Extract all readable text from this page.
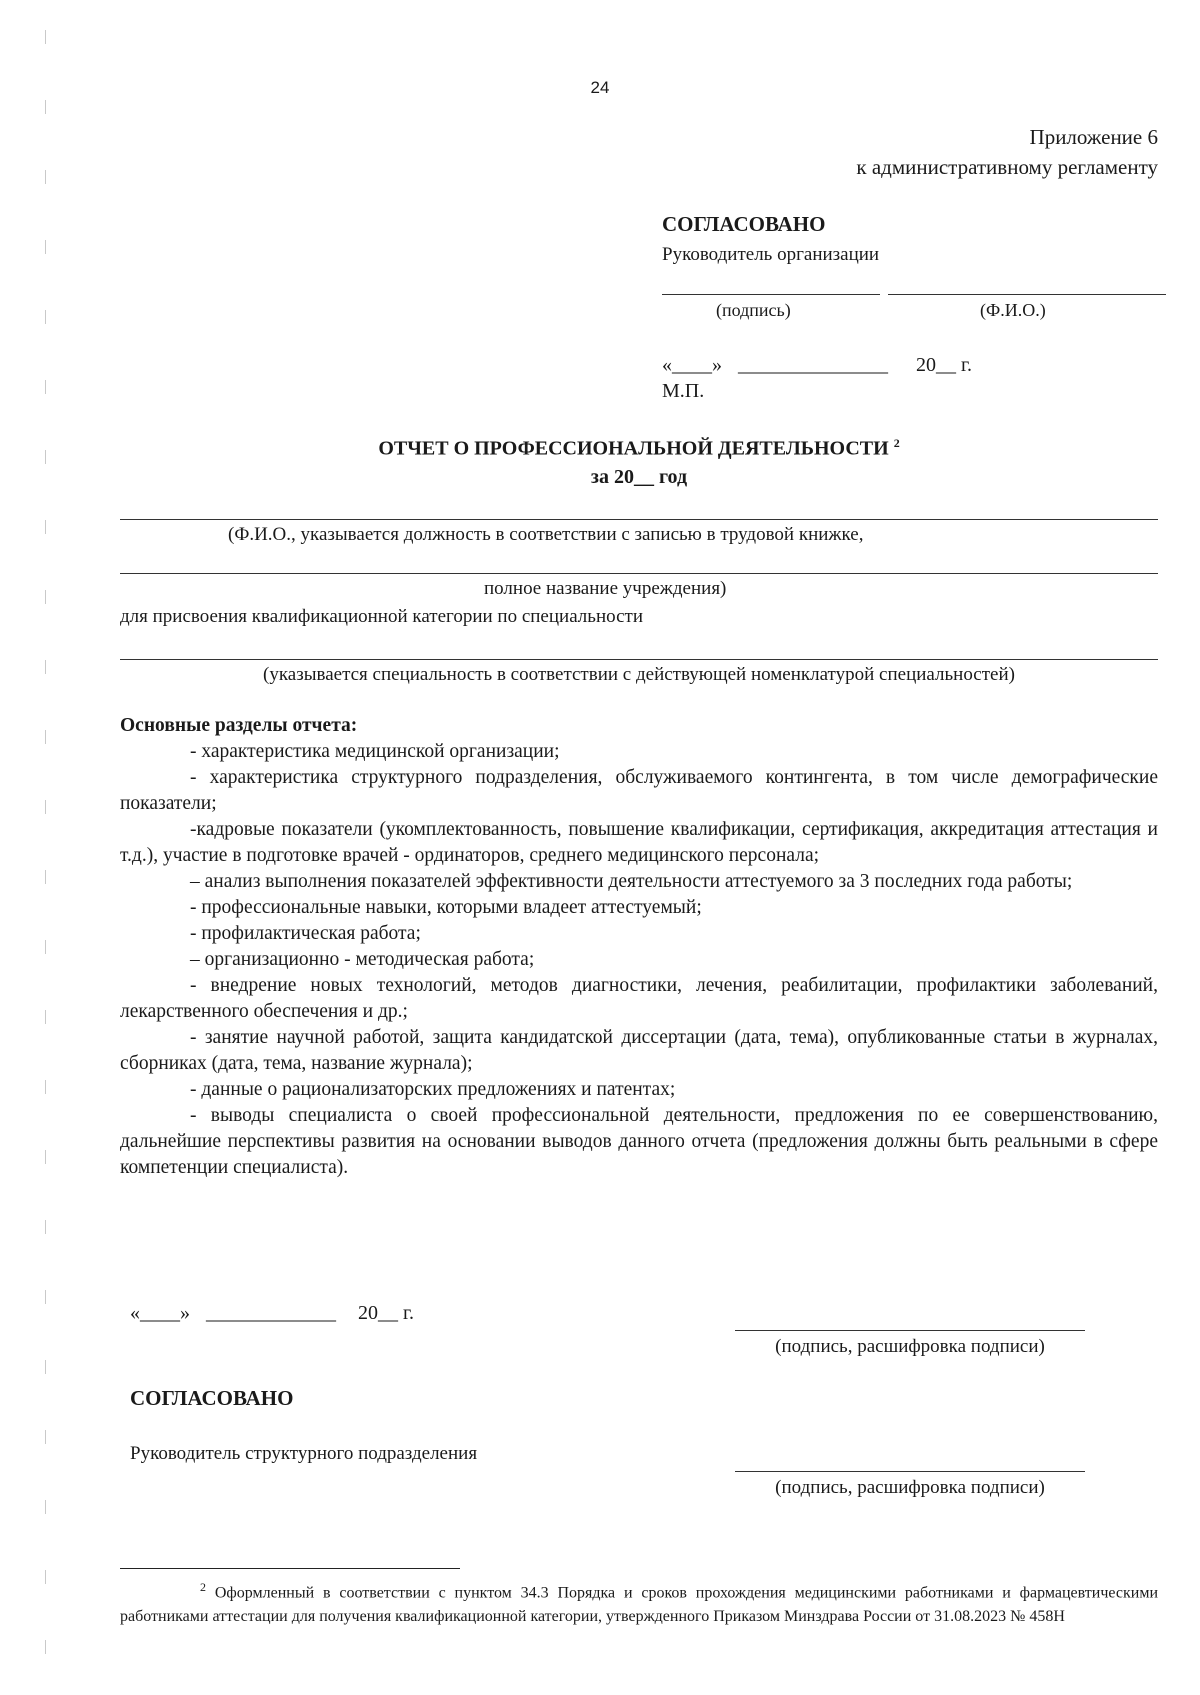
24
Приложение 6
к административному регламенту
СОГЛАСОВАНО
Руководитель организации
(подпись)	(Ф.И.О.)
«____» _______________ 20__ г.
М.П.
ОТЧЕТ О ПРОФЕССИОНАЛЬНОЙ ДЕЯТЕЛЬНОСТИ $^2$
за 20__ год
(Ф.И.О., указывается должность в соответствии с записью в трудовой книжке,
полное название учреждения)
для присвоения квалификационной категории по специальности
(указывается специальность в соответствии с действующей номенклатурой специальностей)
Основные разделы отчета:

- характеристика медицинской организации;

- характеристика структурного подразделения, обслуживаемого контингента, в том числе демографические показатели;

-кадровые показатели (укомплектованность, повышение квалификации, сертификация, аккредитация аттестация и т.д.), участие в подготовке врачей - ординаторов, среднего медицинского персонала;

– анализ выполнения показателей эффективности деятельности аттестуемого за 3 последних года работы;

- профессиональные навыки, которыми владеет аттестуемый;

- профилактическая работа;

– организационно - методическая работа;

- внедрение новых технологий, методов диагностики, лечения, реабилитации, профилактики заболеваний, лекарственного обеспечения и др.;

- занятие научной работой, защита кандидатской диссертации (дата, тема), опубликованные статьи в журналах, сборниках (дата, тема, название журнала);

- данные о рационализаторских предложениях и патентах;

- выводы специалиста о своей профессиональной деятельности, предложения по ее совершенствованию, дальнейшие перспективы развития на основании выводов данного отчета (предложения должны быть реальными в сфере компетенции специалиста).

«____» _____________ 20__ г.
(подпись, расшифровка подписи)
СОГЛАСОВАНО
Руководитель структурного подразделения
(подпись, расшифровка подписи)

$^2$ Оформленный в соответствии с пунктом 34.3 Порядка и сроков прохождения медицинскими работниками и фармацевтическими работниками аттестации для получения квалификационной категории, утвержденного Приказом Минздрава России от 31.08.2023 № 458Н
